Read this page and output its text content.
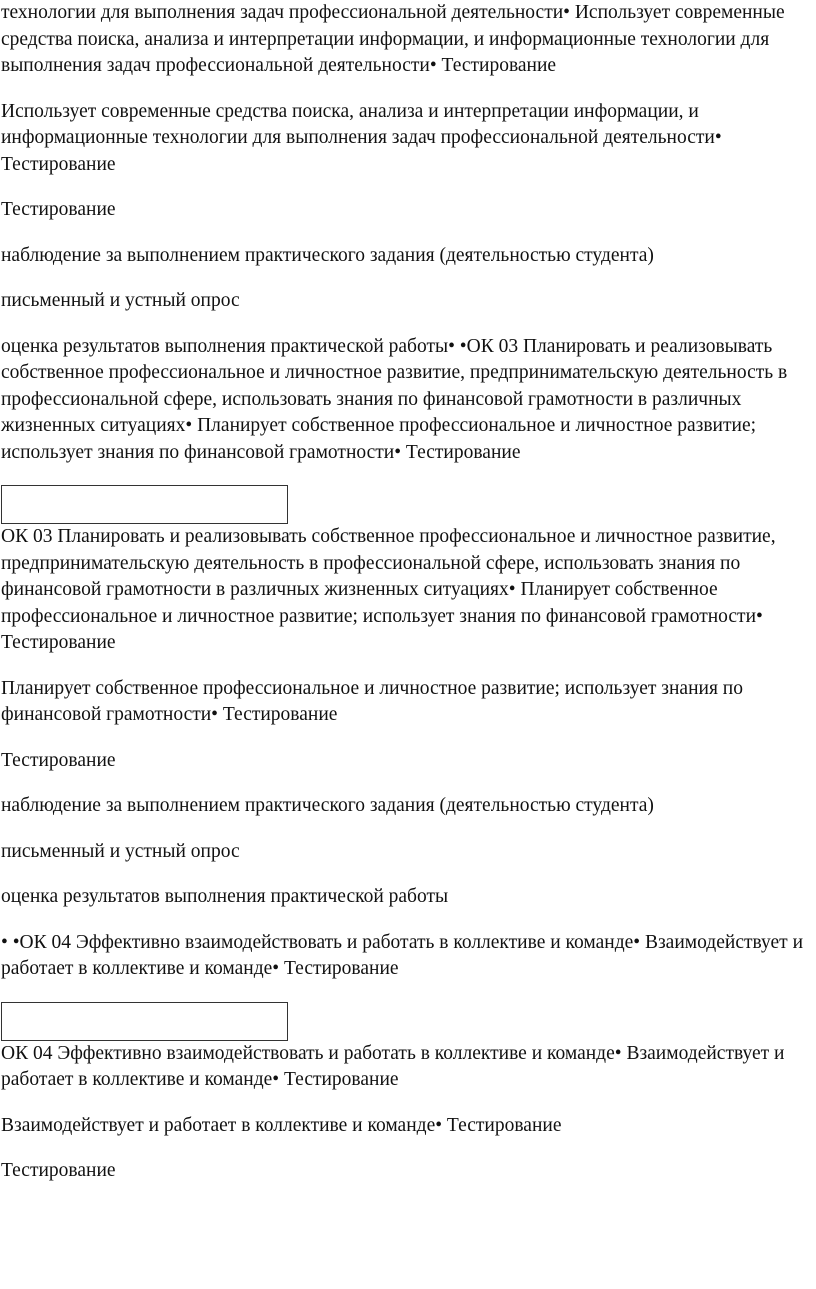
технологии для выполнения задач профессиональной деятельности• Использует современные средства поиска, анализа и интерпретации информации, и информационные технологии для выполнения задач профессиональной деятельности• Тестирование

Использует современные средства поиска, анализа и интерпретации информации, и информационные технологии для выполнения задач профессиональной деятельности• Тестирование

Тестирование

наблюдение за выполнением практического задания (деятельностью студента)

письменный и устный опрос

оценка результатов выполнения практической работы• •ОК 03 Планировать и реализовывать собственное профессиональное и личностное развитие, предпринимательскую деятельность в профессиональной сфере, использовать знания по финансовой грамотности в различных жизненных ситуациях• Планирует собственное профессиональное и личностное развитие; использует знания по финансовой грамотности• Тестирование

ОК 03 Планировать и реализовывать собственное профессиональное и личностное развитие, предпринимательскую деятельность в профессиональной сфере, использовать знания по финансовой грамотности в различных жизненных ситуациях• Планирует собственное профессиональное и личностное развитие; использует знания по финансовой грамотности• Тестирование

Планирует собственное профессиональное и личностное развитие; использует знания по финансовой грамотности• Тестирование

Тестирование

наблюдение за выполнением практического задания (деятельностью студента)

письменный и устный опрос

оценка результатов выполнения практической работы

• •ОК 04 Эффективно взаимодействовать и работать в коллективе и команде• Взаимодействует и работает в коллективе и команде• Тестирование

ОК 04 Эффективно взаимодействовать и работать в коллективе и команде• Взаимодействует и работает в коллективе и команде• Тестирование

Взаимодействует и работает в коллективе и команде• Тестирование

Тестирование
